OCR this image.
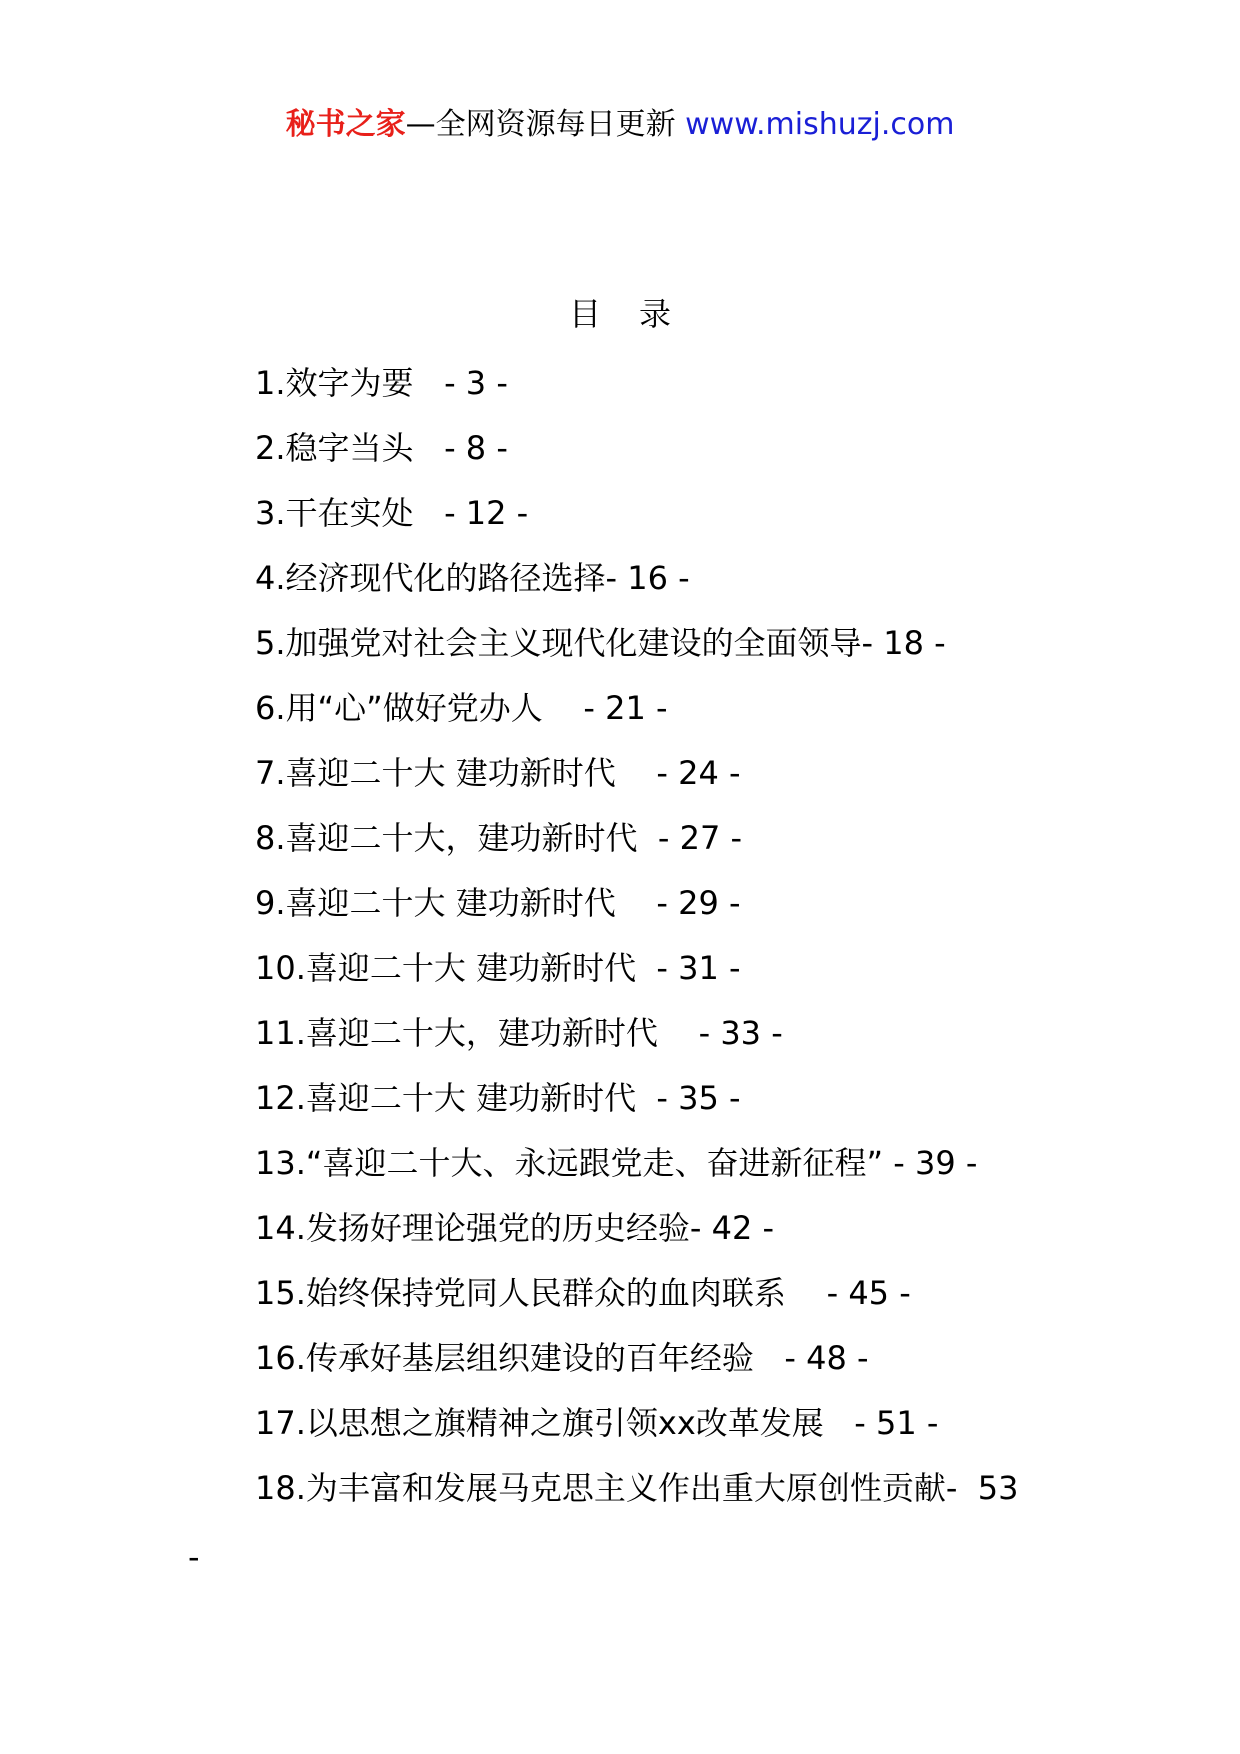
秘书之家—全网资源每日更新 www.mishuzj.com
目 录
1.效字为要   - 3 -
2.稳字当头   - 8 -
3.干在实处   - 12 -
4.经济现代化的路径选择- 16 -
5.加强党对社会主义现代化建设的全面领导- 18 -
6.用“心”做好党办人    - 21 -
7.喜迎二十大 建功新时代    - 24 -
8.喜迎二十大，建功新时代  - 27 -
9.喜迎二十大 建功新时代    - 29 -
10.喜迎二十大 建功新时代  - 31 -
11.喜迎二十大，建功新时代    - 33 -
12.喜迎二十大 建功新时代  - 35 -
13.“喜迎二十大、永远跟党走、奋进新征程” - 39 -
14.发扬好理论强党的历史经验- 42 -
15.始终保持党同人民群众的血肉联系    - 45 -
16.传承好基层组织建设的百年经验   - 48 -
17.以思想之旗精神之旗引领xx改革发展   - 51 -
18.为丰富和发展马克思主义作出重大原创性贡献-  53
-
